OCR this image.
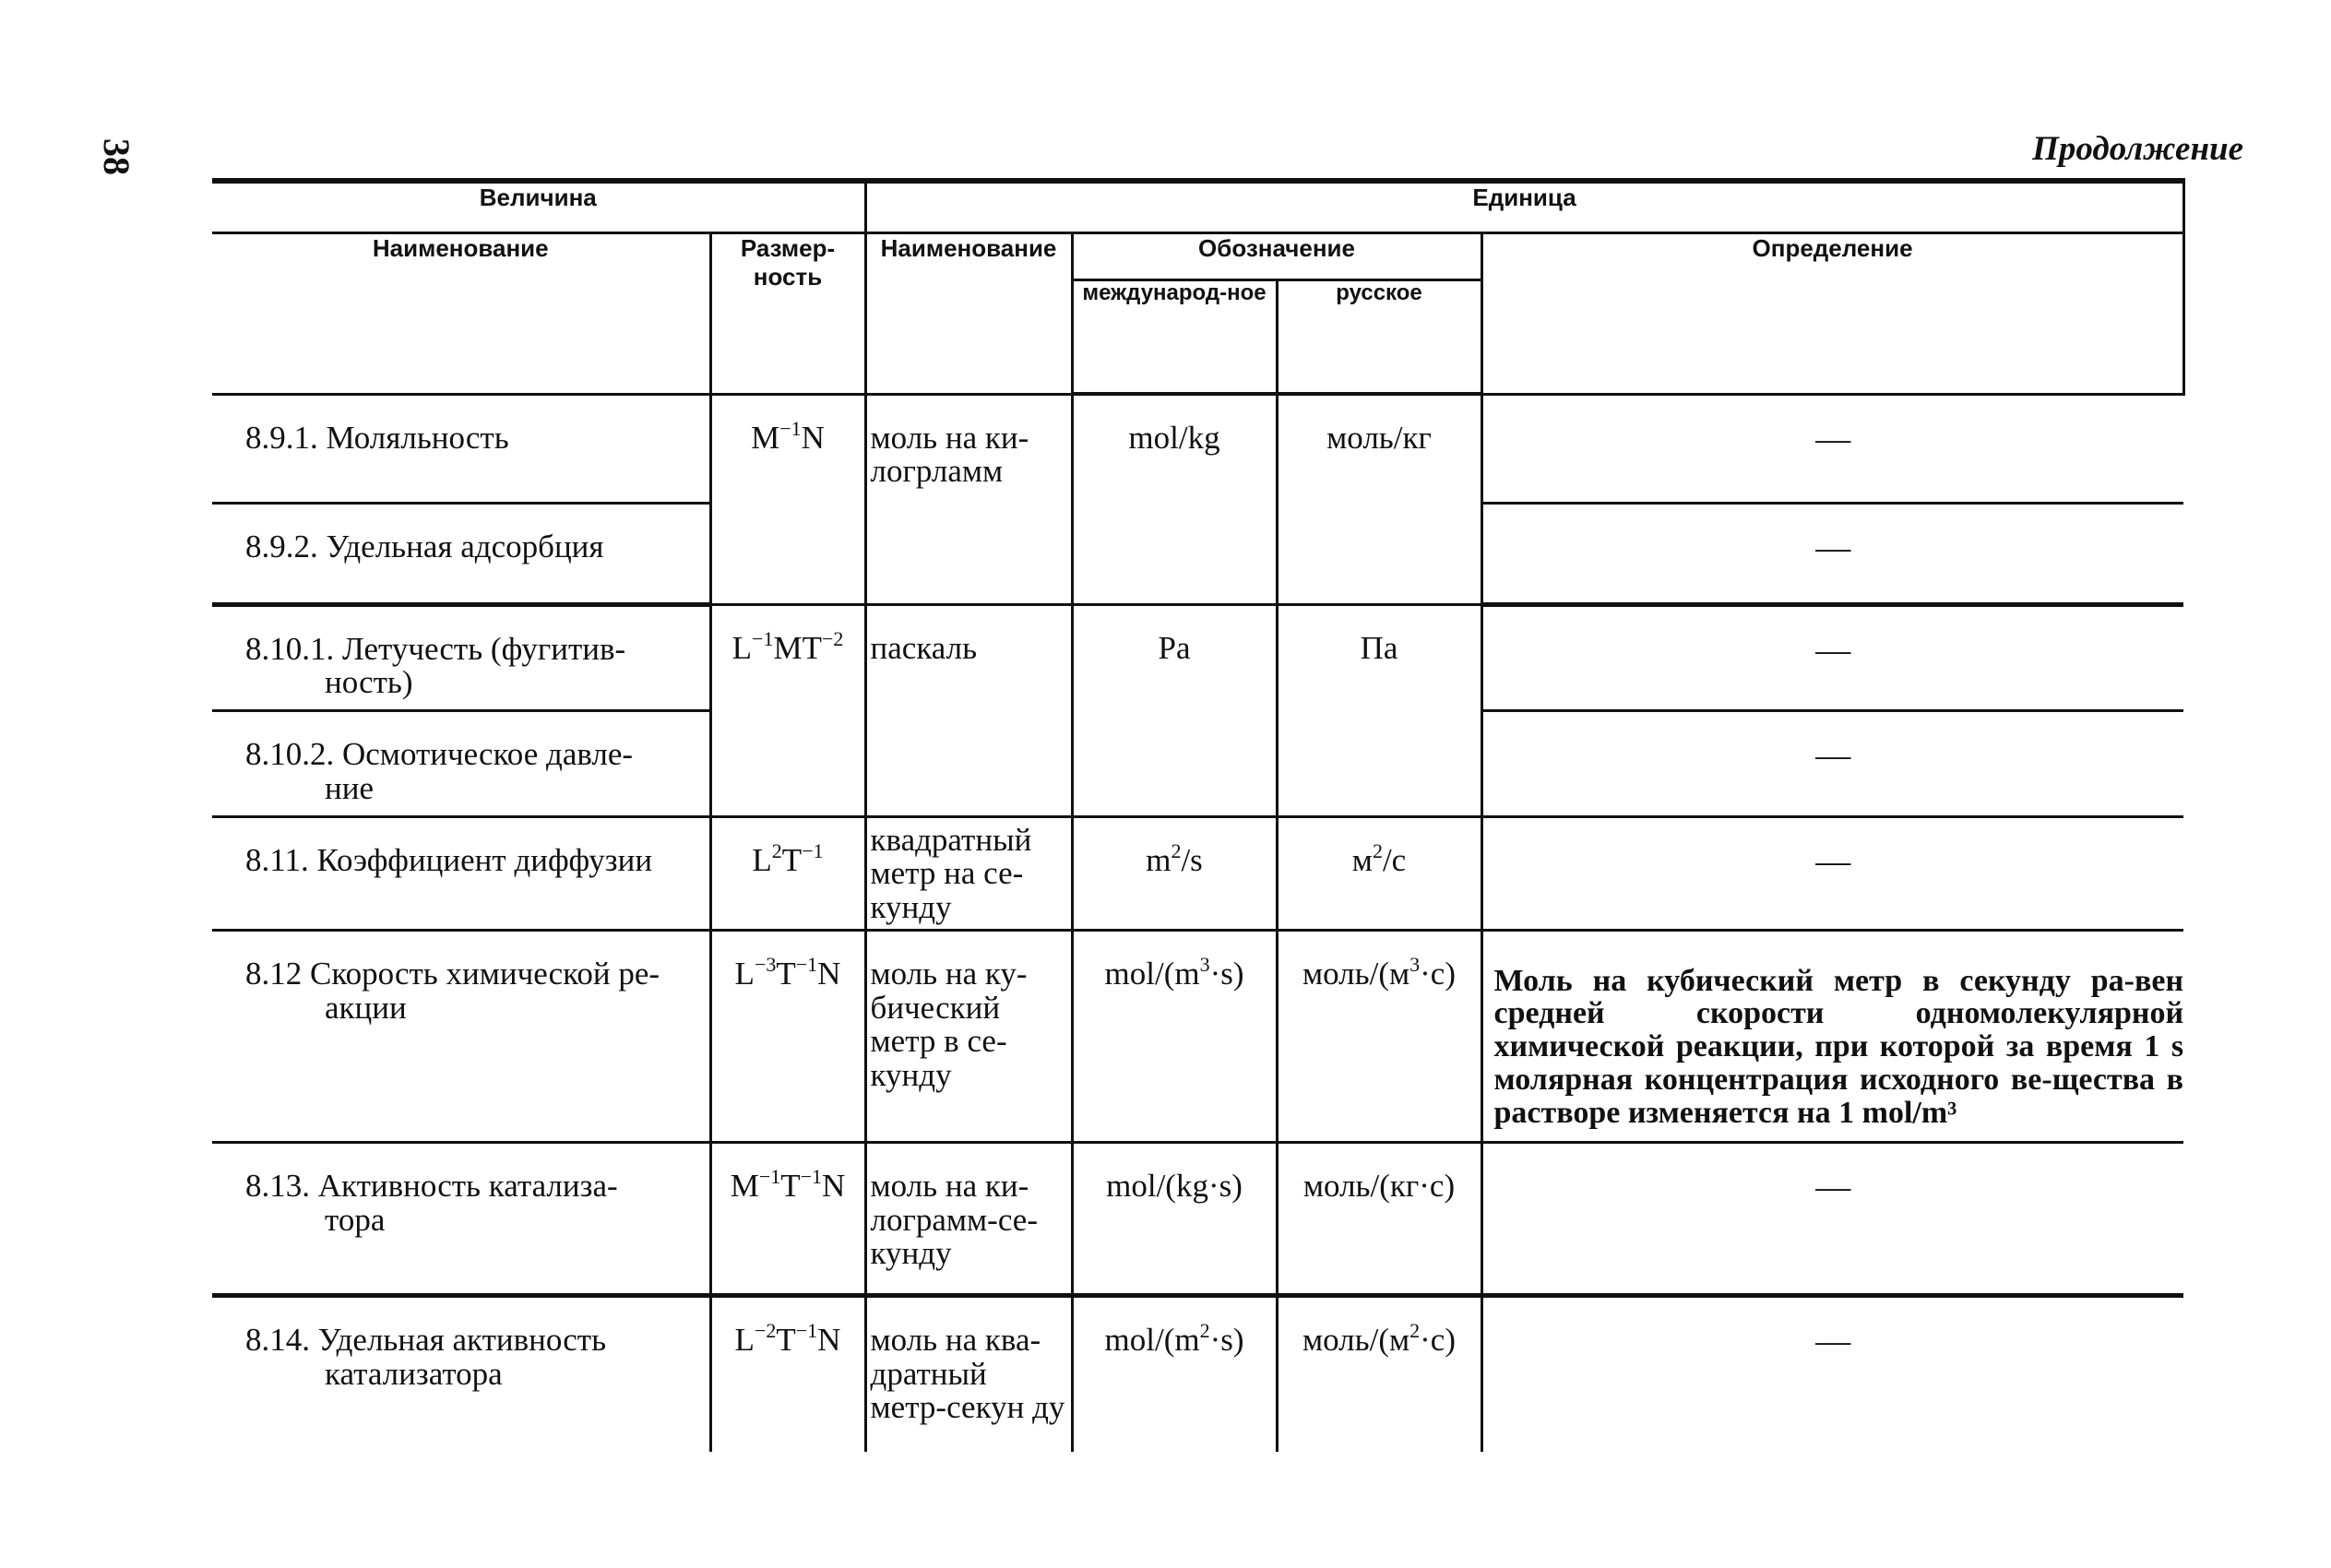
38	Продолжение
Величина		Единица			
Наименование	Размер-ность	Наименование	Обозначение		Определение
			международ-ное	русское	
8.9.1. Моляльность	$M^{-1}N$	моль на ки-логрламм	mol/kg	моль/кг	—
8.9.2. Удельная адсорбция					—

8.10.1. Летучесть (фугитив-
ность)	$L^{-1}MT^{-2}$	паскаль	Pa	Па	—

8.10.2. Осмотическое давле-
ние					—
8.11. Коэффициент диффузии	$L^2T^{-1}$	квадратный метр на се-кунду	$m^2/s$	$м^2/с$	—

8.12 Скорость химической ре-
акции	$L^{-3}T^{-1}N$	моль на ку-бический метр в се-кунду	mol/$(m^3\cdot s)$	моль/$(м^3\cdot с)$	Моль на кубический метр в секунду ра-вен средней скорости одномолекулярной химической реакции, при которой за время 1 s молярная концентрация исходного ве-щества в растворе изменяется на 1 mol/m³

8.13. Активность катализа-
тора	$M^{-1}T^{-1}N$	моль на ки-лограмм-се-кунду	mol/(kg·s)	моль/(кг·с)	—

8.14. Удельная активность
катализатора	$L^{-2}T^{-1}N$	моль на ква-дратный метр-секун ду	mol/$(m^2\cdot s)$	моль/$(м^2\cdot с)$	—
